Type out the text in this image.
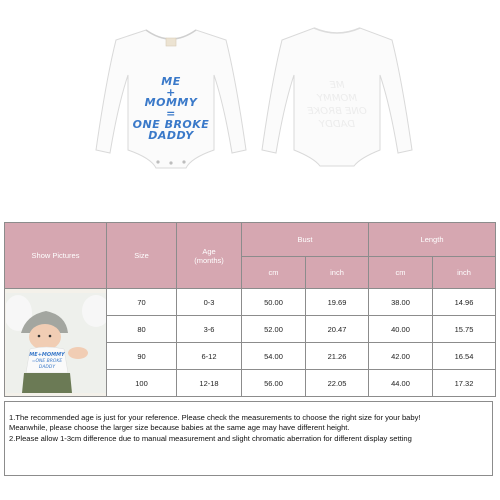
ME
+
MOMMY
=
ONE BROKE
DADDY
ME
MOMMY
ONE BROKE
DADDY
Show Pictures	Size	Age
(months)	Bust		Length	
			cm	inch	cm	inch

ME+MOMMY
=ONE BROKE
DADDY	70	0-3	50.00	19.69	38.00	14.96
	80	3-6	52.00	20.47	40.00	15.75
	90	6-12	54.00	21.26	42.00	16.54
	100	12-18	56.00	22.05	44.00	17.32

1.The recommended age is just for your reference. Please check the measurements to choose the right size for your baby!

Meanwhile, please choose the larger size because babies at the same age may have different height.

2.Please allow 1-3cm difference due to manual measurement and slight chromatic aberration for different display setting
